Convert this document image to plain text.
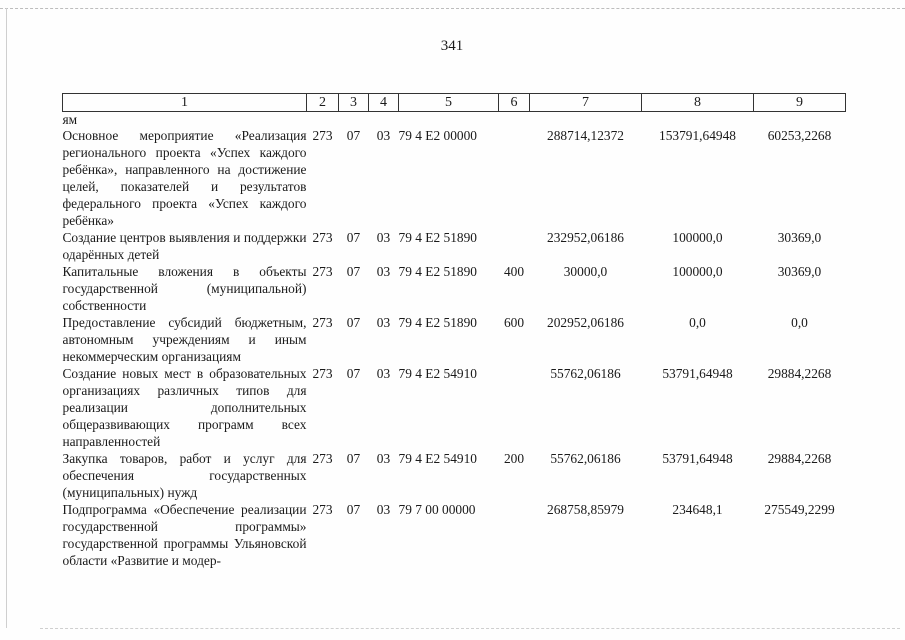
341
1	2	3	4	5	6	7	8	9
ям								
Основное мероприятие «Реализация регионального проекта «Успех каждого ребёнка», направленного на достижение целей, показателей и результатов федерального проекта «Успех каждого ребёнка»	273	07	03	79 4 E2 00000		288714,12372	153791,64948	60253,2268
Создание центров выявления и поддержки одарённых детей	273	07	03	79 4 E2 51890		232952,06186	100000,0	30369,0
Капитальные вложения в объекты государственной (муниципальной) собственности	273	07	03	79 4 E2 51890	400	30000,0	100000,0	30369,0
Предоставление субсидий бюджетным, автономным учреждениям и иным некоммерческим организациям	273	07	03	79 4 E2 51890	600	202952,06186	0,0	0,0
Создание новых мест в образовательных организациях различных типов для реализации дополнительных общеразвивающих программ всех направленностей	273	07	03	79 4 E2 54910		55762,06186	53791,64948	29884,2268
Закупка товаров, работ и услуг для обеспечения государственных (муниципальных) нужд	273	07	03	79 4 E2 54910	200	55762,06186	53791,64948	29884,2268
Подпрограмма «Обеспечение реализации государственной программы» государственной программы Ульяновской области «Развитие и модер-	273	07	03	79 7 00 00000		268758,85979	234648,1	275549,2299
